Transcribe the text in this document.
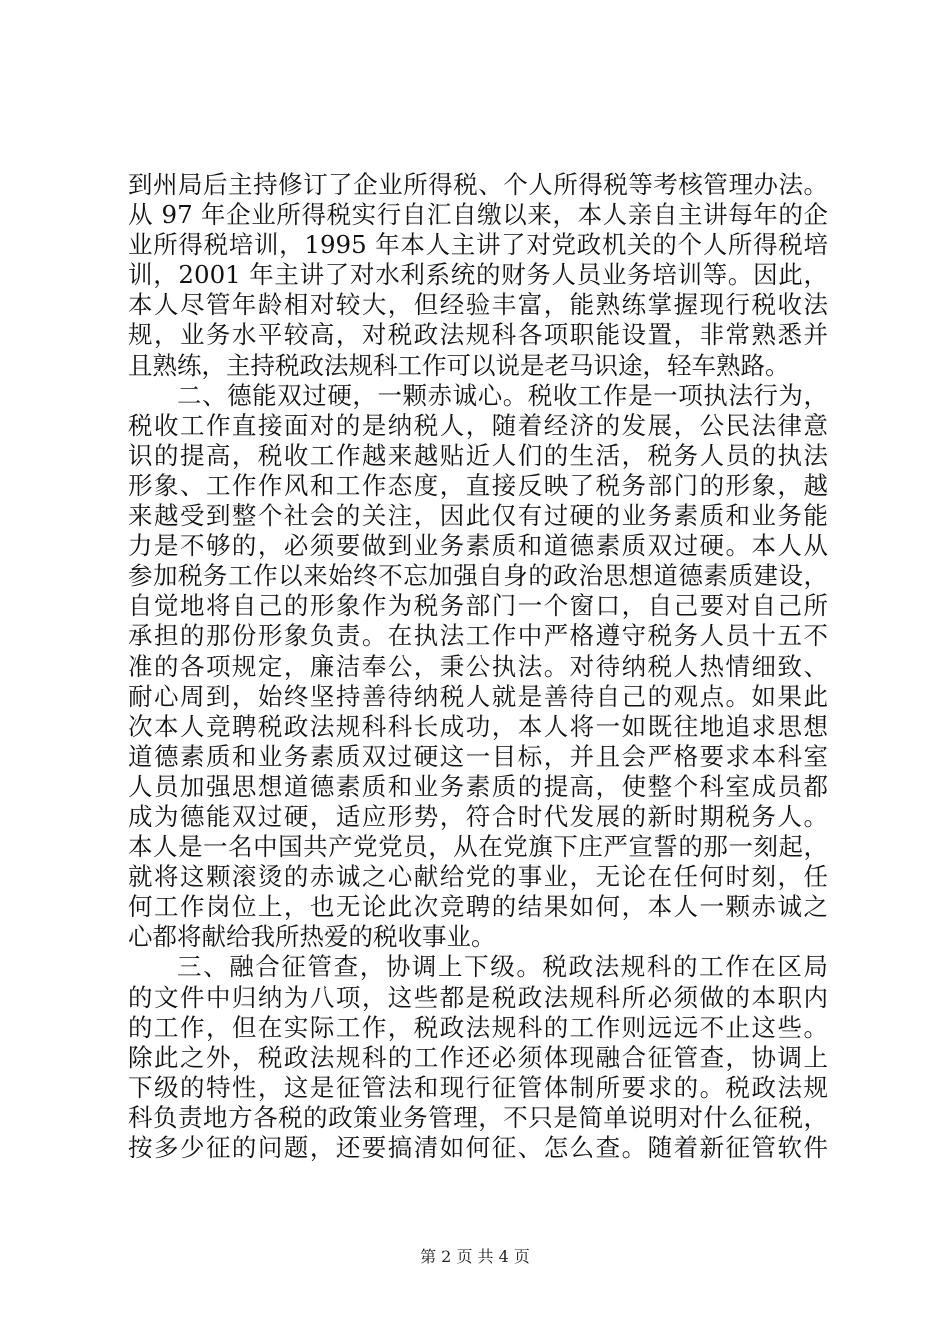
到州局后主持修订了企业所得税、个人所得税等考核管理办法。
从 97 年企业所得税实行自汇自缴以来，本人亲自主讲每年的企
业所得税培训，1995 年本人主讲了对党政机关的个人所得税培
训，2001 年主讲了对水利系统的财务人员业务培训等。因此，
本人尽管年龄相对较大，但经验丰富，能熟练掌握现行税收法
规，业务水平较高，对税政法规科各项职能设置，非常熟悉并
且熟练，主持税政法规科工作可以说是老马识途，轻车熟路。
二、德能双过硬，一颗赤诚心。税收工作是一项执法行为，
税收工作直接面对的是纳税人，随着经济的发展，公民法律意
识的提高，税收工作越来越贴近人们的生活，税务人员的执法
形象、工作作风和工作态度，直接反映了税务部门的形象，越
来越受到整个社会的关注，因此仅有过硬的业务素质和业务能
力是不够的，必须要做到业务素质和道德素质双过硬。本人从
参加税务工作以来始终不忘加强自身的政治思想道德素质建设，
自觉地将自己的形象作为税务部门一个窗口，自己要对自己所
承担的那份形象负责。在执法工作中严格遵守税务人员十五不
准的各项规定，廉洁奉公，秉公执法。对待纳税人热情细致、
耐心周到，始终坚持善待纳税人就是善待自己的观点。如果此
次本人竞聘税政法规科科长成功，本人将一如既往地追求思想
道德素质和业务素质双过硬这一目标，并且会严格要求本科室
人员加强思想道德素质和业务素质的提高，使整个科室成员都
成为德能双过硬，适应形势，符合时代发展的新时期税务人。
本人是一名中国共产党党员，从在党旗下庄严宣誓的那一刻起，
就将这颗滚烫的赤诚之心献给党的事业，无论在任何时刻，任
何工作岗位上，也无论此次竞聘的结果如何，本人一颗赤诚之
心都将献给我所热爱的税收事业。
三、融合征管查，协调上下级。税政法规科的工作在区局
的文件中归纳为八项，这些都是税政法规科所必须做的本职内
的工作，但在实际工作，税政法规科的工作则远远不止这些。
除此之外，税政法规科的工作还必须体现融合征管查，协调上
下级的特性，这是征管法和现行征管体制所要求的。税政法规
科负责地方各税的政策业务管理，不只是简单说明对什么征税，
按多少征的问题，还要搞清如何征、怎么查。随着新征管软件
第 2 页 共 4 页
